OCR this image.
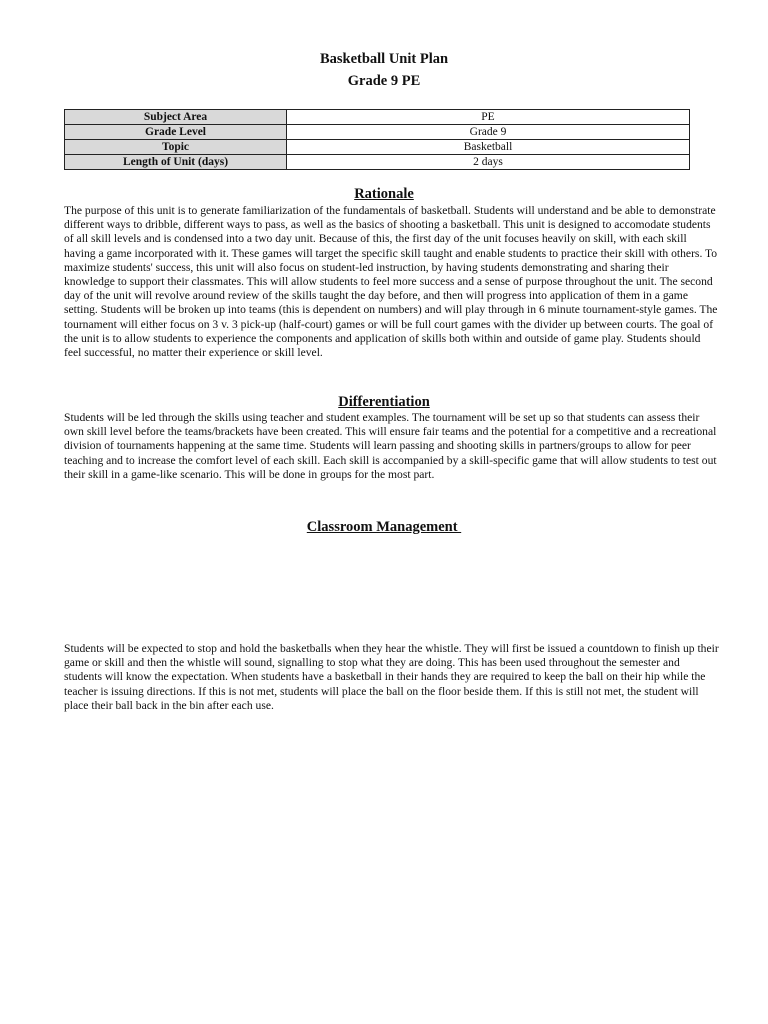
Basketball Unit Plan
Grade 9 PE
Subject Area	PE
Grade Level	Grade 9
Topic	Basketball
Length of Unit (days)	2 days
Rationale
The purpose of this unit is to generate familiarization of the fundamentals of basketball. Students will understand and be able to demonstrate different ways to dribble, different ways to pass, as well as the basics of shooting a basketball. This unit is designed to accomodate students of all skill levels and is condensed into a two day unit. Because of this, the first day of the unit focuses heavily on skill, with each skill having a game incorporated with it. These games will target the specific skill taught and enable students to practice their skill with others. To maximize students' success, this unit will also focus on student-led instruction, by having students demonstrating and sharing their knowledge to support their classmates. This will allow students to feel more success and a sense of purpose throughout the unit. The second day of the unit will revolve around review of the skills taught the day before, and then will progress into application of them in a game setting. Students will be broken up into teams (this is dependent on numbers) and will play through in 6 minute tournament-style games. The tournament will either focus on 3 v. 3 pick-up (half-court) games or will be full court games with the divider up between courts. The goal of the unit is to allow students to experience the components and application of skills both within and outside of game play. Students should feel successful, no matter their experience or skill level.
Differentiation
Students will be led through the skills using teacher and student examples. The tournament will be set up so that students can assess their own skill level before the teams/brackets have been created. This will ensure fair teams and the potential for a competitive and a recreational division of tournaments happening at the same time. Students will learn passing and shooting skills in partners/groups to allow for peer teaching and to increase the comfort level of each skill. Each skill is accompanied by a skill-specific game that will allow students to test out their skill in a game-like scenario. This will be done in groups for the most part.
Classroom Management
Students will be expected to stop and hold the basketballs when they hear the whistle. They will first be issued a countdown to finish up their game or skill and then the whistle will sound, signalling to stop what they are doing. This has been used throughout the semester and students will know the expectation. When students have a basketball in their hands they are required to keep the ball on their hip while the teacher is issuing directions. If this is not met, students will place the ball on the floor beside them. If this is still not met, the student will place their ball back in the bin after each use.
